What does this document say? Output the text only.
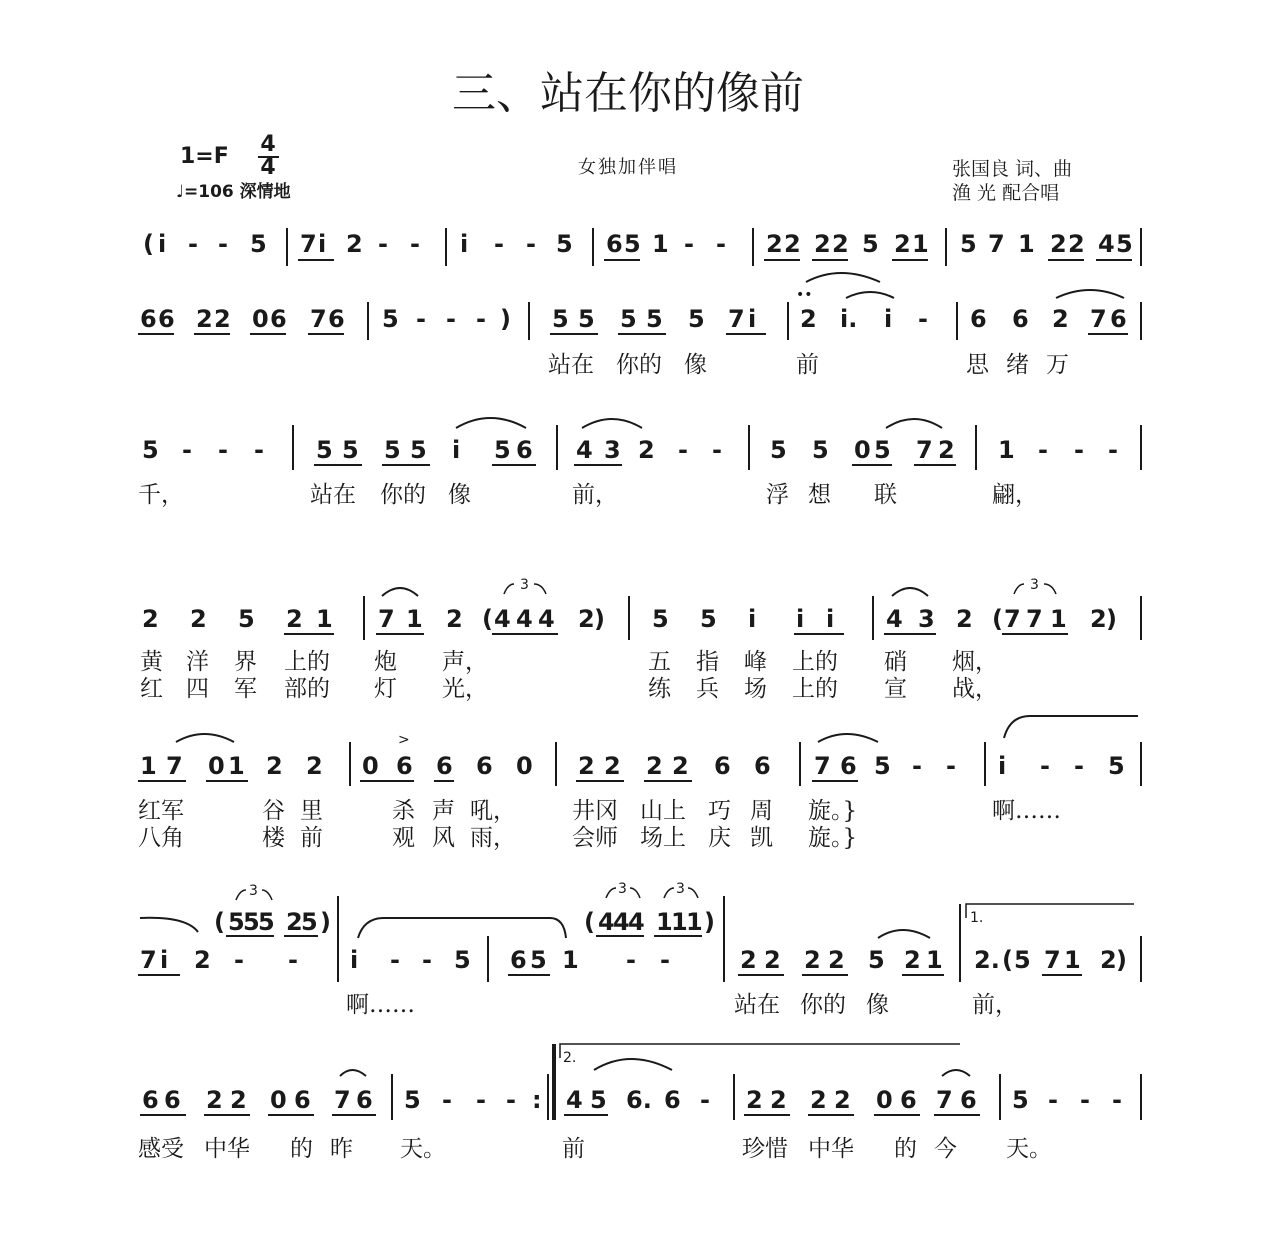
三、站在你的像前
1=F 4
4
♩=106 深情地
女独加伴唱	张国良 词、曲
渔 光 配合唱
( i - - 5 7 i 2 - - i - - 5 6 5 1 - - 2 2 2 2 5 2 1 5 7 1 2 2 4 5
6 6 2 2 0 6 7 6 5 - - - ) 5 5 5 5 5 7 i 2 i. i -
••
6 6 2 7 6
站在 你的 像	前	思 绪 万
5 - - - 5 5 5 5 i 5 6 4 3 2 - - 5 5 0 5 7 2 1 - - -
千，	站在 你的 像	前，	浮 想 联	翩，
2 2 5 2 1 7 1 2 ( 4 4 4 2 )
3
5 5 i i i 4 3 2 ( 7 7 1 2 )
3
黄 洋 界 上的 炮 声，	五 指 峰 上的 硝 烟，
红 四 军 部的 灯 光，	练 兵 场 上的 宣 战，
1 7 0 1 2 2 0 6 6 6 0
>
2 2 2 2 6 6 7 6 5 - - i - - 5
红军	谷 里	杀 声 吼， 井冈 山上 巧 周 旋。}	啊……
八角	楼 前	观 风 雨， 会师 场上 庆 凯 旋。}
7 i 2 - -
( 5
5
5 2
5 )
3
i - - 5 6 5 1 - -
( 4
4
4 1
1
1 )
3	3
2 2 2 2 5 2 1
1.
2. ( 5 7 1 2 )
啊……	站在 你的 像	前，
6 6 2 2 0 6 7 6 5 - - - :
2.
4 5 6. 6 - 2 2 2 2 0 6 7 6 5 - - -
感受 中华 的 昨 天。	前	珍惜 中华 的 今 天。
